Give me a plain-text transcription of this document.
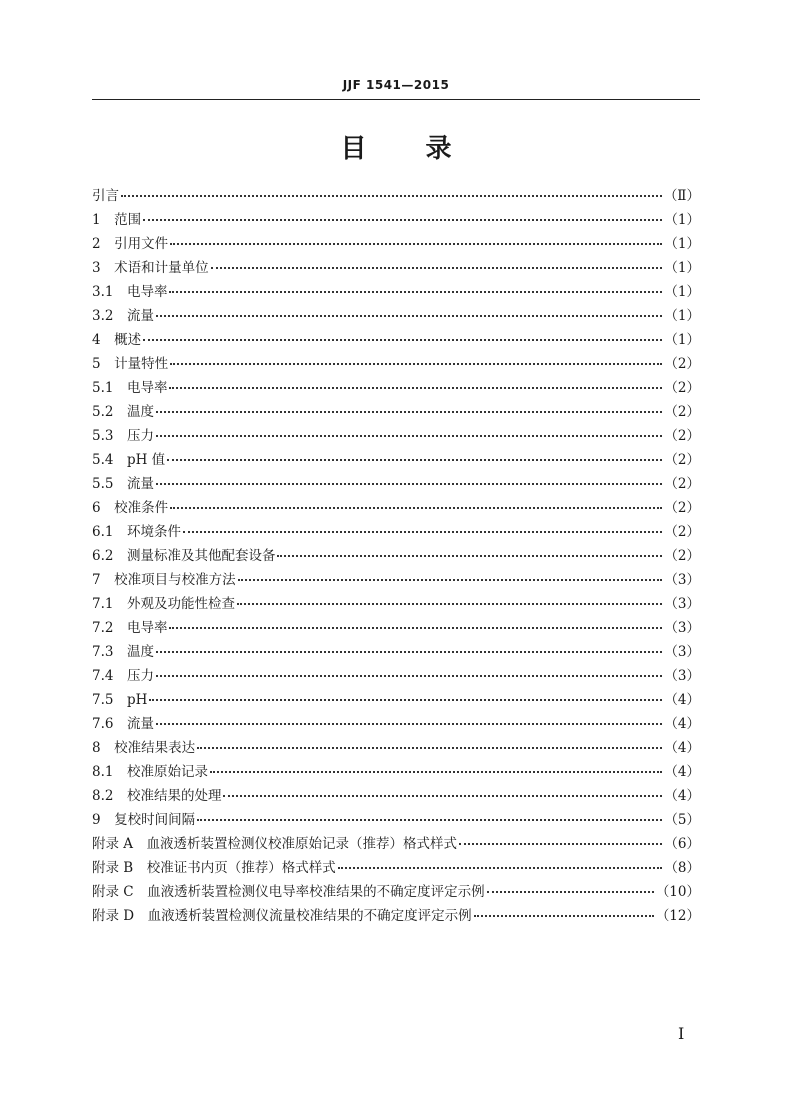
JJF 1541—2015
目 录
引言	（Ⅱ）
1　范围	（1）
2　引用文件	（1）
3　术语和计量单位	（1）
3.1　电导率	（1）
3.2　流量	（1）
4　概述	（1）
5　计量特性	（2）
5.1　电导率	（2）
5.2　温度	（2）
5.3　压力	（2）
5.4　pH 值	（2）
5.5　流量	（2）
6　校准条件	（2）
6.1　环境条件	（2）
6.2　测量标准及其他配套设备	（2）
7　校准项目与校准方法	（3）
7.1　外观及功能性检查	（3）
7.2　电导率	（3）
7.3　温度	（3）
7.4　压力	（3）
7.5　pH	（4）
7.6　流量	（4）
8　校准结果表达	（4）
8.1　校准原始记录	（4）
8.2　校准结果的处理	（4）
9　复校时间间隔	（5）
附录 A　血液透析装置检测仪校准原始记录（推荐）格式样式	（6）
附录 B　校准证书内页（推荐）格式样式	（8）
附录 C　血液透析装置检测仪电导率校准结果的不确定度评定示例	（10）
附录 D　血液透析装置检测仪流量校准结果的不确定度评定示例	（12）
I
